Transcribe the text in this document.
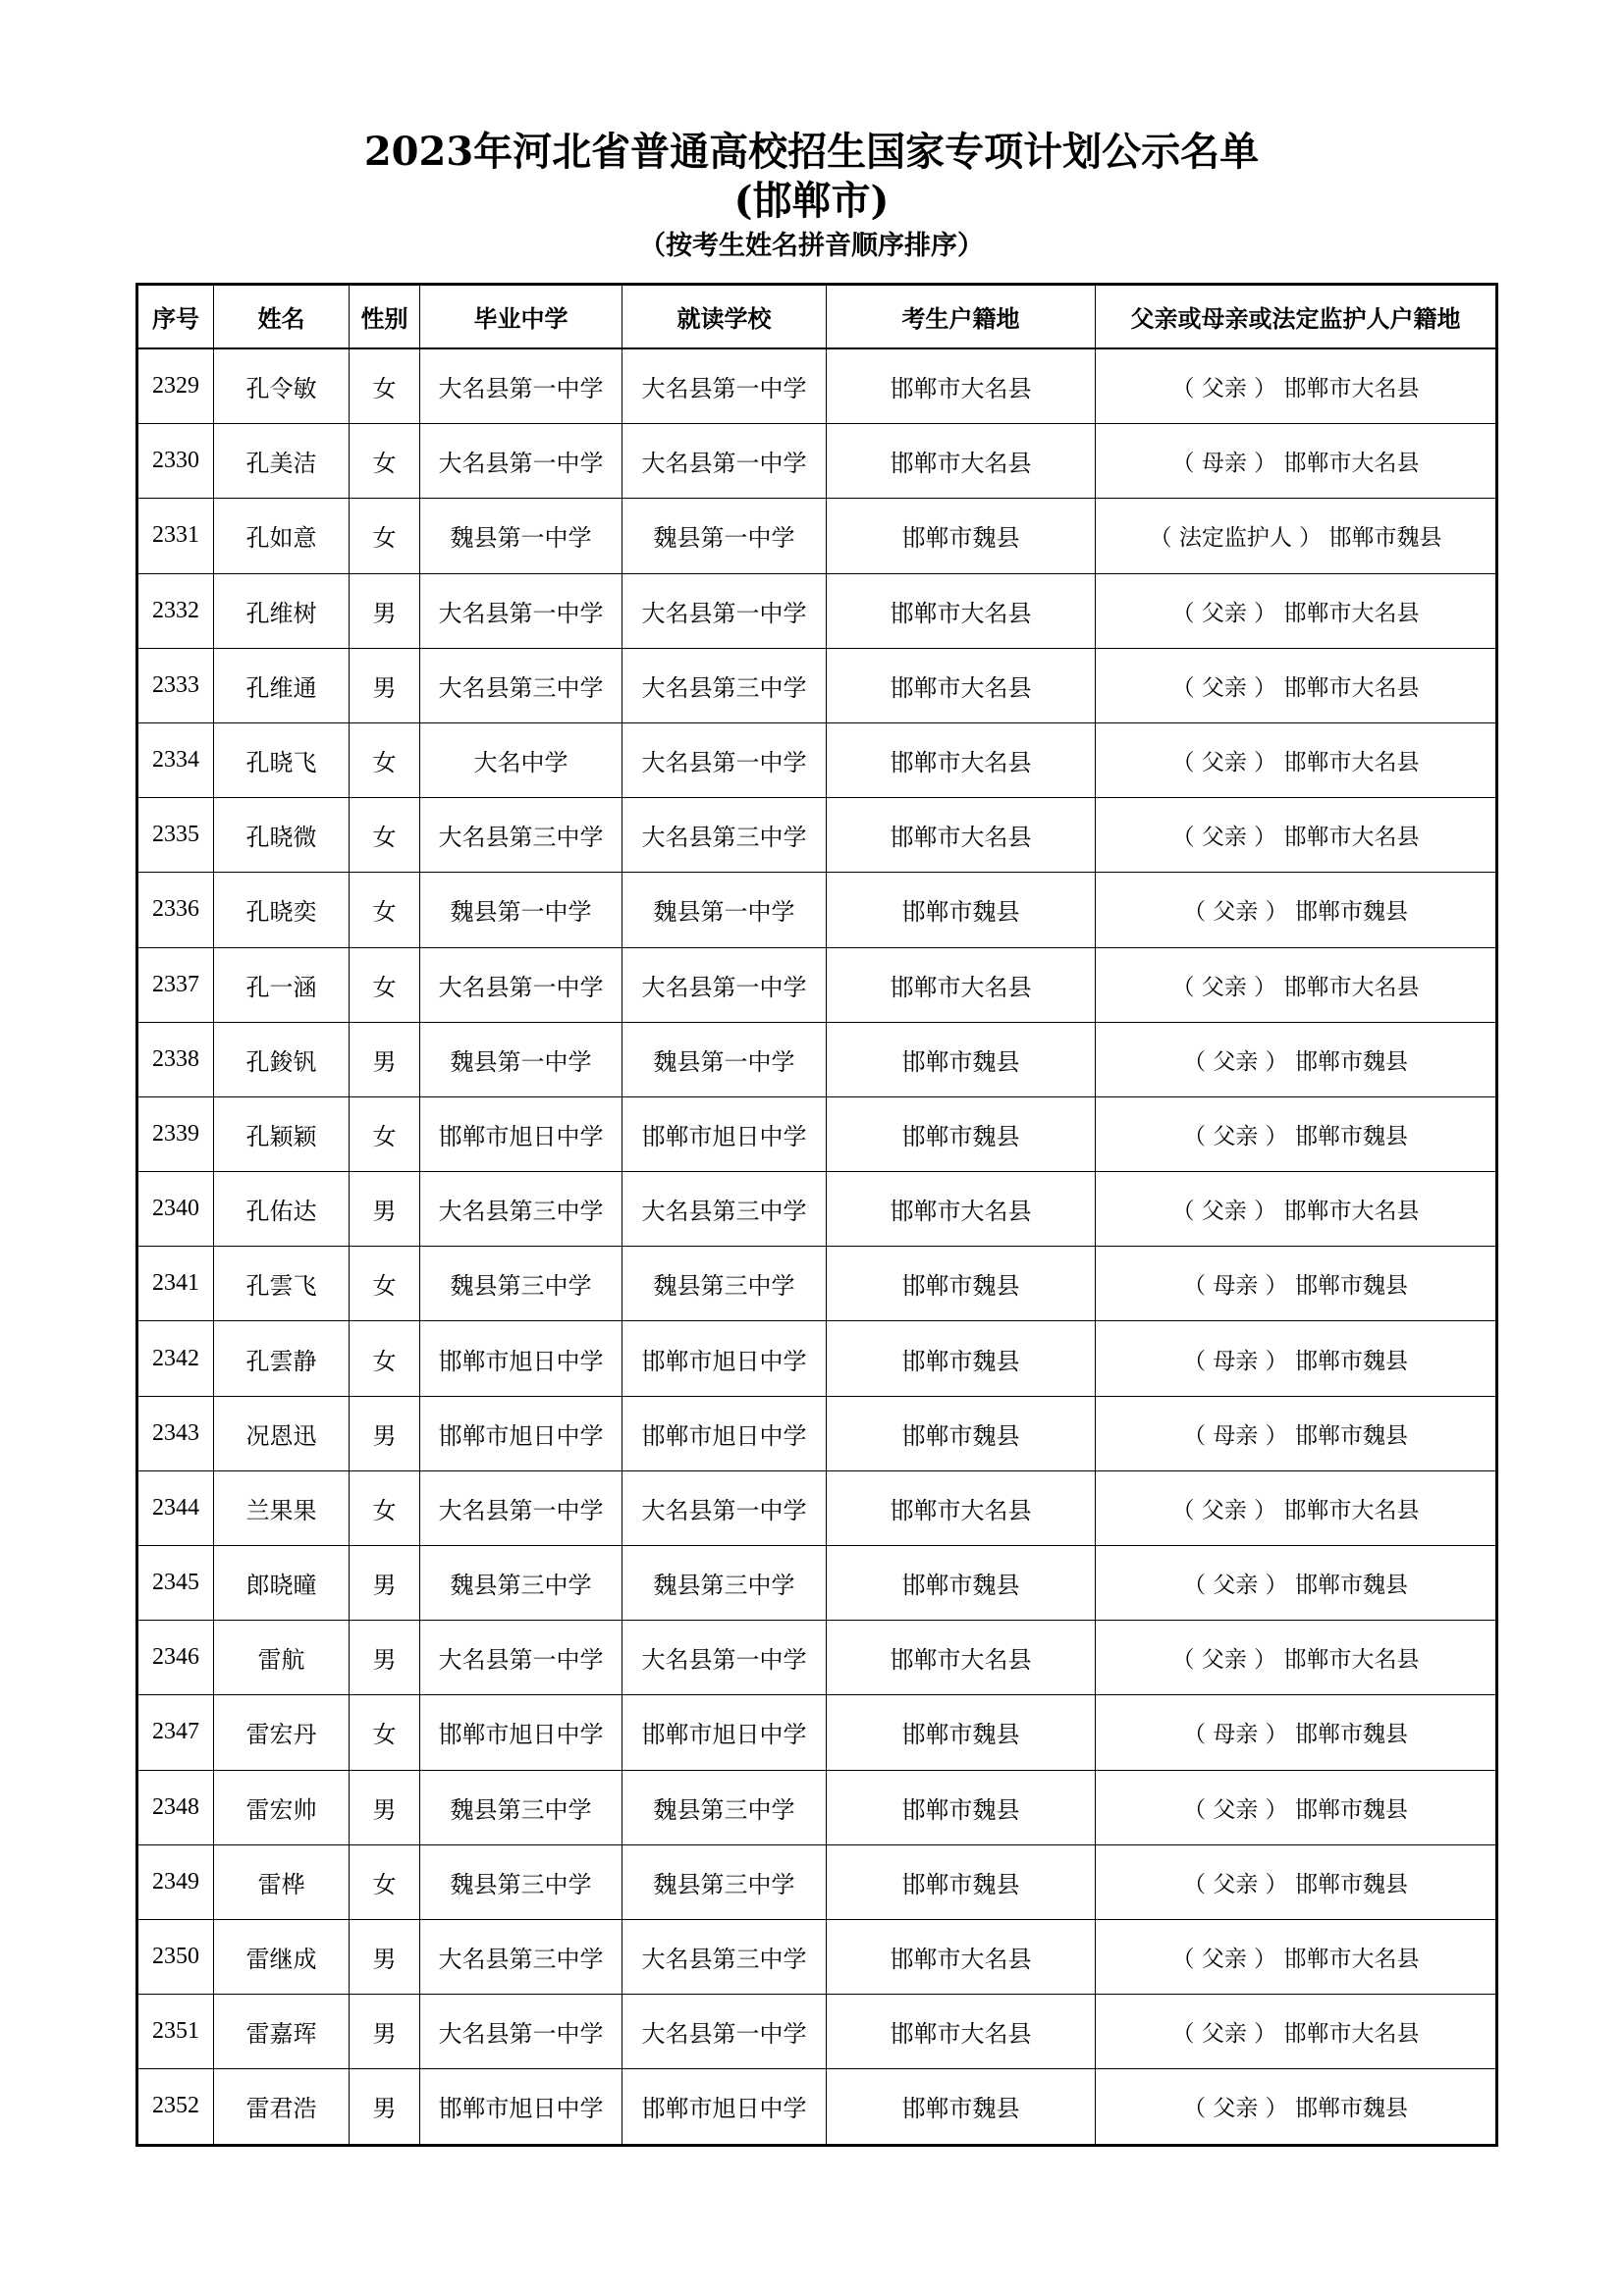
2023年河北省普通高校招生国家专项计划公示名单
(邯郸市)
（按考生姓名拼音顺序排序）
序号	姓名	性别	毕业中学	就读学校	考生户籍地	父亲或母亲或法定监护人户籍地
2329	孔令敏	女	大名县第一中学	大名县第一中学	邯郸市大名县	（ 父亲 ） 邯郸市大名县
2330	孔美洁	女	大名县第一中学	大名县第一中学	邯郸市大名县	（ 母亲 ） 邯郸市大名县
2331	孔如意	女	魏县第一中学	魏县第一中学	邯郸市魏县	（ 法定监护人 ） 邯郸市魏县
2332	孔维树	男	大名县第一中学	大名县第一中学	邯郸市大名县	（ 父亲 ） 邯郸市大名县
2333	孔维通	男	大名县第三中学	大名县第三中学	邯郸市大名县	（ 父亲 ） 邯郸市大名县
2334	孔晓飞	女	大名中学	大名县第一中学	邯郸市大名县	（ 父亲 ） 邯郸市大名县
2335	孔晓微	女	大名县第三中学	大名县第三中学	邯郸市大名县	（ 父亲 ） 邯郸市大名县
2336	孔晓奕	女	魏县第一中学	魏县第一中学	邯郸市魏县	（ 父亲 ） 邯郸市魏县
2337	孔一涵	女	大名县第一中学	大名县第一中学	邯郸市大名县	（ 父亲 ） 邯郸市大名县
2338	孔鋑钒	男	魏县第一中学	魏县第一中学	邯郸市魏县	（ 父亲 ） 邯郸市魏县
2339	孔颖颖	女	邯郸市旭日中学	邯郸市旭日中学	邯郸市魏县	（ 父亲 ） 邯郸市魏县
2340	孔佑达	男	大名县第三中学	大名县第三中学	邯郸市大名县	（ 父亲 ） 邯郸市大名县
2341	孔雲飞	女	魏县第三中学	魏县第三中学	邯郸市魏县	（ 母亲 ） 邯郸市魏县
2342	孔雲静	女	邯郸市旭日中学	邯郸市旭日中学	邯郸市魏县	（ 母亲 ） 邯郸市魏县
2343	况恩迅	男	邯郸市旭日中学	邯郸市旭日中学	邯郸市魏县	（ 母亲 ） 邯郸市魏县
2344	兰果果	女	大名县第一中学	大名县第一中学	邯郸市大名县	（ 父亲 ） 邯郸市大名县
2345	郎晓曈	男	魏县第三中学	魏县第三中学	邯郸市魏县	（ 父亲 ） 邯郸市魏县
2346	雷航	男	大名县第一中学	大名县第一中学	邯郸市大名县	（ 父亲 ） 邯郸市大名县
2347	雷宏丹	女	邯郸市旭日中学	邯郸市旭日中学	邯郸市魏县	（ 母亲 ） 邯郸市魏县
2348	雷宏帅	男	魏县第三中学	魏县第三中学	邯郸市魏县	（ 父亲 ） 邯郸市魏县
2349	雷桦	女	魏县第三中学	魏县第三中学	邯郸市魏县	（ 父亲 ） 邯郸市魏县
2350	雷继成	男	大名县第三中学	大名县第三中学	邯郸市大名县	（ 父亲 ） 邯郸市大名县
2351	雷嘉珲	男	大名县第一中学	大名县第一中学	邯郸市大名县	（ 父亲 ） 邯郸市大名县
2352	雷君浩	男	邯郸市旭日中学	邯郸市旭日中学	邯郸市魏县	（ 父亲 ） 邯郸市魏县
